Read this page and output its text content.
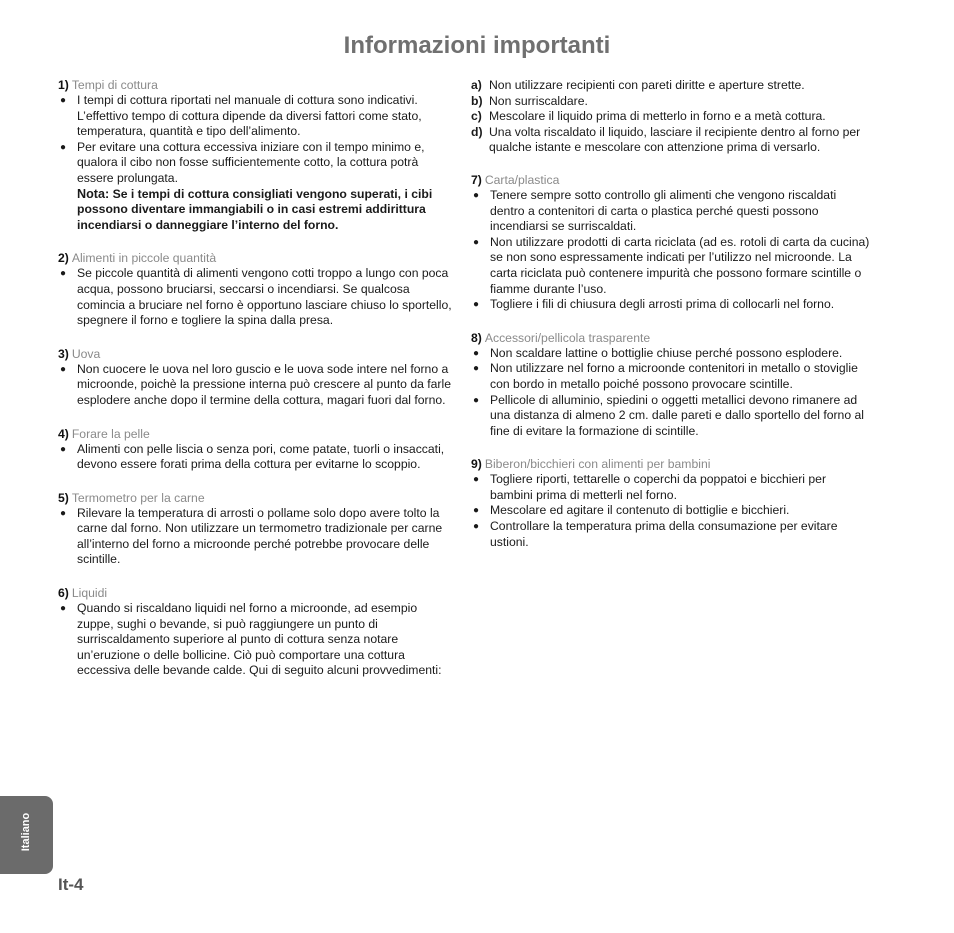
Informazioni importanti
1) Tempi di cottura
● I tempi di cottura riportati nel manuale di cottura sono indicativi. L’effettivo tempo di cottura dipende da diversi fattori come stato, temperatura, quantità e tipo dell’alimento.
● Per evitare una cottura eccessiva iniziare con il tempo minimo e, qualora il cibo non fosse sufficientemente cotto, la cottura potrà essere prolungata.
Nota: Se i tempi di cottura consigliati vengono superati, i cibi possono diventare immangiabili o in casi estremi addirittura incendiarsi o danneggiare l’interno del forno.
2) Alimenti in piccole quantità
● Se piccole quantità di alimenti vengono cotti troppo a lungo con poca acqua, possono bruciarsi, seccarsi o incendiarsi. Se qualcosa comincia a bruciare nel forno è opportuno lasciare chiuso lo sportello, spegnere il forno e togliere la spina dalla presa.
3) Uova
● Non cuocere le uova nel loro guscio e le uova sode intere nel forno a microonde, poichè la pressione interna può crescere al punto da farle esplodere anche dopo il termine della cottura, magari fuori dal forno.
4) Forare la pelle
● Alimenti con pelle liscia o senza pori, come patate, tuorli o insaccati, devono essere forati prima della cottura per evitarne lo scoppio.
5) Termometro per la carne
● Rilevare la temperatura di arrosti o pollame solo dopo avere tolto la carne dal forno. Non utilizzare un termometro tradizionale per carne all’interno del forno a microonde perché potrebbe provocare delle scintille.
6) Liquidi
● Quando si riscaldano liquidi nel forno a microonde, ad esempio zuppe, sughi o bevande, si può raggiungere un punto di surriscaldamento superiore al punto di cottura senza notare un’eruzione o delle bollicine. Ciò può comportare una cottura eccessiva delle bevande calde. Qui di seguito alcuni provvedimenti:
a) Non utilizzare recipienti con pareti diritte e aperture strette.
b) Non surriscaldare.
c) Mescolare il liquido prima di metterlo in forno e a metà cottura.
d) Una volta riscaldato il liquido, lasciare il recipiente dentro al forno per qualche istante e mescolare con attenzione prima di versarlo.
7) Carta/plastica
● Tenere sempre sotto controllo gli alimenti che vengono riscaldati dentro a contenitori di carta o plastica perché questi possono incendiarsi se surriscaldati.
● Non utilizzare prodotti di carta riciclata (ad es. rotoli di carta da cucina) se non sono espressamente indicati per l’utilizzo nel microonde. La carta riciclata può contenere impurità che possono formare scintille o fiamme durante l’uso.
● Togliere i fili di chiusura degli arrosti prima di collocarli nel forno.
8) Accessori/pellicola trasparente
● Non scaldare lattine o bottiglie chiuse perché possono esplodere.
● Non utilizzare nel forno a microonde contenitori in metallo o stoviglie con bordo in metallo poiché possono provocare scintille.
● Pellicole di alluminio, spiedini o oggetti metallici devono rimanere ad una distanza di almeno 2 cm. dalle pareti e dallo sportello del forno al fine di evitare la formazione di scintille.
9) Biberon/bicchieri con alimenti per bambini
● Togliere riporti, tettarelle o coperchi da poppatoi e bicchieri per bambini prima di metterli nel forno.
● Mescolare ed agitare il contenuto di bottiglie e bicchieri.
● Controllare la temperatura prima della consumazione per evitare ustioni.
Italiano
It-4
